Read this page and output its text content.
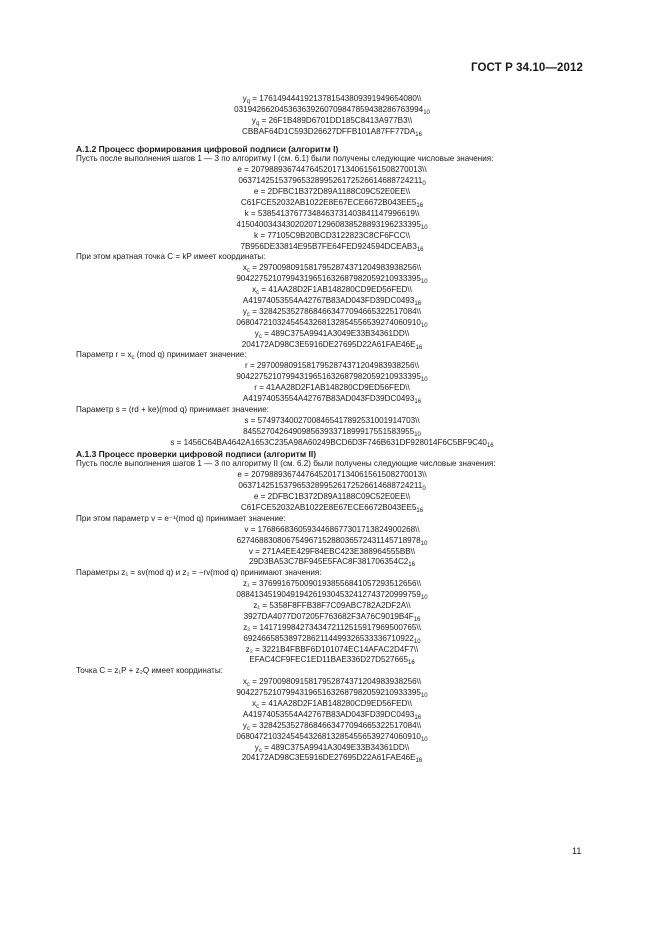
ГОСТ Р 34.10—2012
$y_q$ = 17614944419213781543809391949654080\\
$031942662045363639260709847859438286763994_{10}$
$y_q$ = 26F1B489D6701DD185C8413A977B3\\
$CBBAF64D1C593D26627DFFB101A87FF77DA_{16}$
А.1.2 Процесс формирования цифровой подписи (алгоритм I)
Пусть после выполнения шагов 1 — 3 по алгоритму I (см. 6.1) были получены следующие числовые значения:
e = 20798893674476452017134061561508270013\\
$06371425153796532899526172526614688724211_0$
e = 2DFBC1B372D89A1188C09C52E0EE\\
$C61FCE52032AB1022E8E67ECE6672B043EE5_{16}$
k = 53854137677348463731403841147996619\\
$41504003434302020712960838528893196233395_{10}$
k = 77105C9B20BCD3122823C8CF6FCC\\
$7B956DE33814E95B7FE64FED924594DCEAB3_{16}$
При этом кратная точка C = kP имеет координаты:
$x_c$ = 29700980915817952874371204983938256\\
$90422752107994319651632687982059210933395_{10}$
$x_c$ = 41AA28D2F1AB148280CD9ED56FED\\
$A41974053554A42767B83AD043FD39DC0493_{16}$
$y_c$ = 32842535278684663477094665322517084\\
$06804721032454543268132854556539274060910_{10}$
$y_c$ = 489C375A9941A3049E33B34361DD\\
$204172AD98C3E5916DE27695D22A61FAE46E_{16}$
Параметр $r = x_c$ (mod q) принимает значение:
r = 29700980915817952874371204983938256\\
$90422752107994319651632687982059210933395_{10}$
r = 41AA28D2F1AB148280CD9ED56FED\\
$A41974053554A42767B83AD043FD39DC0493_{16}$
Параметр s = (rd + ke)(mod q) принимает значение:
s = 57497340027008465417892531001914703\\
$84552704264909856393371899917551583955_{10}$
$s = 1456C64BA4642A1653C235A98A60249BCD6D3F746B631DF928014F6C5BF9C40_{16}$
А.1.3 Процесс проверки цифровой подписи (алгоритм II)
Пусть после выполнения шагов 1 — 3 по алгоритму II (см. 6.2) были получены следующие числовые значения:
e = 20798893674476452017134061561508270013\\
$06371425153796532899526172526614688724211_0$
e = 2DFBC1B372D89A1188C09C52E0EE\\
$C61FCE52032AB1022E8E67ECE6672B043EE5_{16}$
При этом параметр v = e⁻¹(mod q) принимает значение:
v = 17686683605934468677301713824900268\\
$62746883080675496715288036572431145718978_{10}$
v = 271A4EE429F84EBC423E388964555BB\\
$29D3BA53C7BF945E5FAC8F381706354C2_{16}$
Параметры z₁ = sv(mod q) и z₂ = −rv(mod q) принимают значения:
z₁ = 37699167500901938556841057293512656\\
$08841345190491942619304532412743720999759_{10}$
z₁ = 5358F8FFB38F7C09ABC782A2DF2A\\
$3927DA4077D07205F763682F3A76C9019B4F_{16}$
z₂ = 14171998427343472112515917969500765\\
$69246658538972862114499326533336710922_{10}$
z₂ = 3221B4FBBF6D101074EC14AFAC2D4F7\\
$EFAC4CF9FEC1ED11BAE336D27D527665_{16}$
Точка C = z₁P + z₂Q имеет координаты:
$x_c$ = 29700980915817952874371204983938256\\
$90422752107994319651632687982059210933395_{10}$
$x_c$ = 41AA28D2F1AB148280CD9ED56FED\\
$A41974053554A42767B83AD043FD39DC0493_{16}$
$y_c$ = 32842535278684663477094665322517084\\
$06804721032454543268132854556539274060910_{10}$
$y_c$ = 489C375A9941A3049E33B34361DD\\
$204172AD98C3E5916DE27695D22A61FAE46E_{16}$
11
